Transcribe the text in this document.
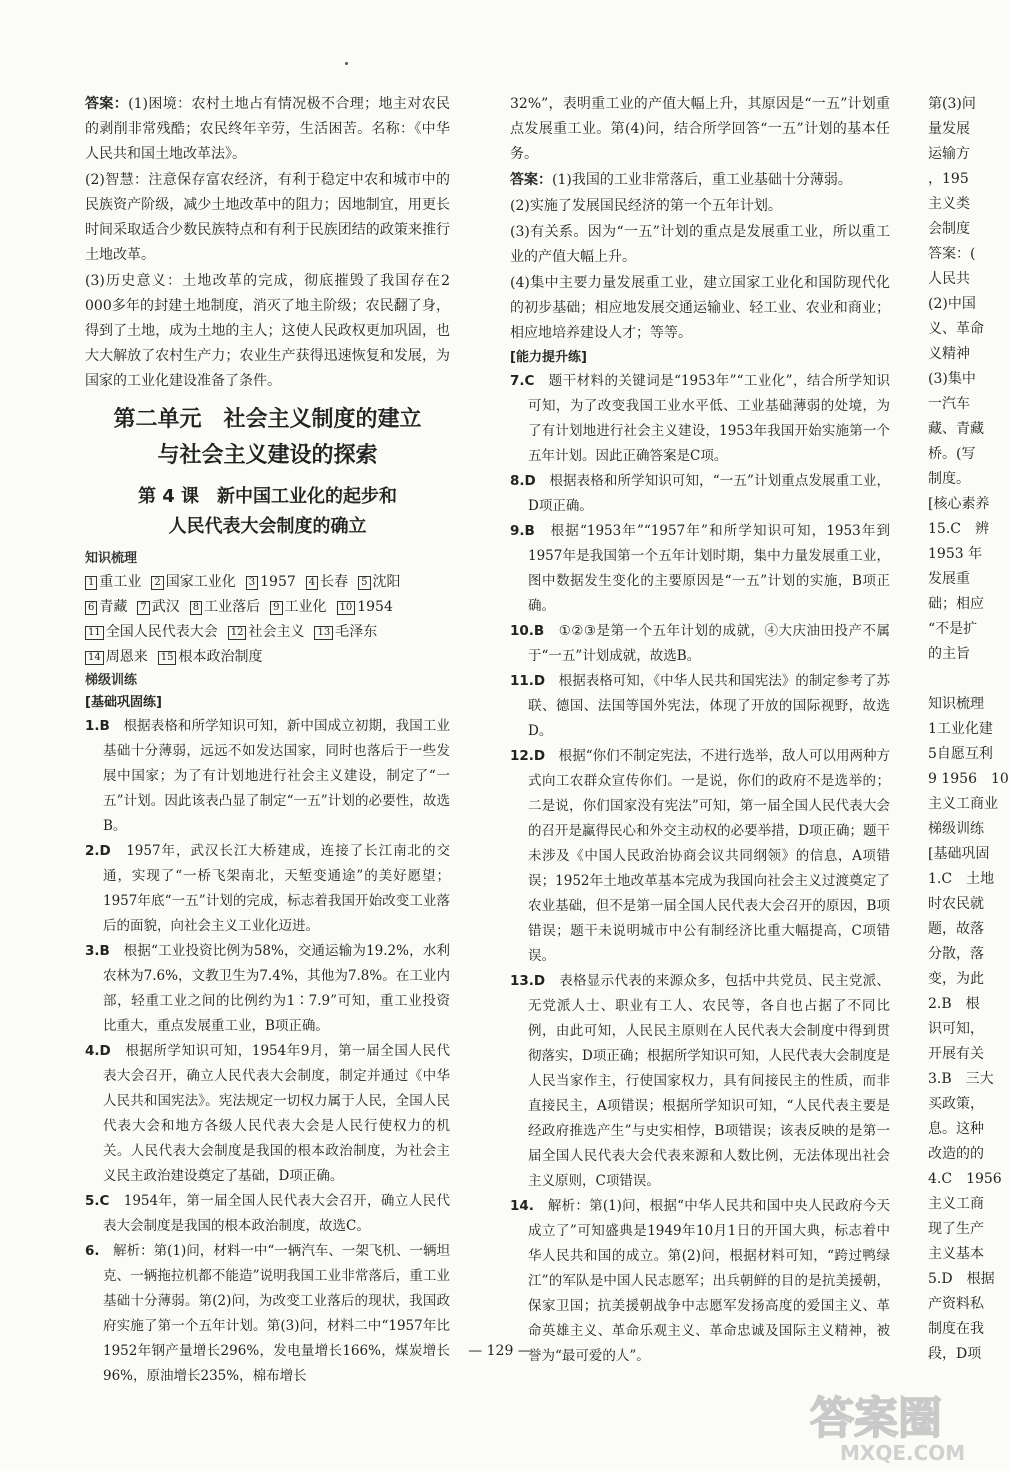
答案：(1)困境：农村土地占有情况极不合理；地主对农民的剥削非常残酷；农民终年辛劳，生活困苦。名称：《中华人民共和国土地改革法》。

(2)智慧：注意保存富农经济，有利于稳定中农和城市中的民族资产阶级，减少土地改革中的阻力；因地制宜，用更长时间采取适合少数民族特点和有利于民族团结的政策来推行土地改革。

(3)历史意义：土地改革的完成，彻底摧毁了我国存在2 000多年的封建土地制度，消灭了地主阶级；农民翻了身，得到了土地，成为土地的主人；这使人民政权更加巩固，也大大解放了农村生产力；农业生产获得迅速恢复和发展，为国家的工业化建设准备了条件。

第二单元　社会主义制度的建立
与社会主义建设的探索
第 4 课　新中国工业化的起步和
人民代表大会制度的确立
知识梳理
1 重工业 2 国家工业化 3 1957 4 长春 5 沈阳
6 青藏 7 武汉 8 工业落后 9 工业化 10 1954
11 全国人民代表大会 12 社会主义 13 毛泽东14 周恩来 15 根本政治制度

梯级训练
[基础巩固练]

1.B　根据表格和所学知识可知，新中国成立初期，我国工业基础十分薄弱，远远不如发达国家，同时也落后于一些发展中国家；为了有计划地进行社会主义建设，制定了“一五”计划。因此该表凸显了制定“一五”计划的必要性，故选B。

2.D　1957年，武汉长江大桥建成，连接了长江南北的交通，实现了“一桥飞架南北，天堑变通途”的美好愿望；1957年底“一五”计划的完成，标志着我国开始改变工业落后的面貌，向社会主义工业化迈进。

3.B　根据“工业投资比例为58%，交通运输为19.2%，水利农林为7.6%，文教卫生为7.4%，其他为7.8%。在工业内部，轻重工业之间的比例约为1∶7.9”可知，重工业投资比重大，重点发展重工业，B项正确。

4.D　根据所学知识可知，1954年9月，第一届全国人民代表大会召开，确立人民代表大会制度，制定并通过《中华人民共和国宪法》。宪法规定一切权力属于人民，全国人民代表大会和地方各级人民代表大会是人民行使权力的机关。人民代表大会制度是我国的根本政治制度，为社会主义民主政治建设奠定了基础，D项正确。

5.C　1954年，第一届全国人民代表大会召开，确立人民代表大会制度是我国的根本政治制度，故选C。

6.　解析：第(1)问，材料一中“一辆汽车、一架飞机、一辆坦克、一辆拖拉机都不能造”说明我国工业非常落后，重工业基础十分薄弱。第(2)问，为改变工业落后的现状，我国政府实施了第一个五年计划。第(3)问，材料二中“1957年比1952年钢产量增长296%，发电量增长166%，煤炭增长96%，原油增长235%，棉布增长

32%”，表明重工业的产值大幅上升，其原因是“一五”计划重点发展重工业。第(4)问，结合所学回答“一五”计划的基本任务。

答案：(1)我国的工业非常落后，重工业基础十分薄弱。

(2)实施了发展国民经济的第一个五年计划。

(3)有关系。因为“一五”计划的重点是发展重工业，所以重工业的产值大幅上升。

(4)集中主要力量发展重工业，建立国家工业化和国防现代化的初步基础；相应地发展交通运输业、轻工业、农业和商业；相应地培养建设人才；等等。

[能力提升练]

7.C　题干材料的关键词是“1953年”“工业化”，结合所学知识可知，为了改变我国工业水平低、工业基础薄弱的处境，为了有计划地进行社会主义建设，1953年我国开始实施第一个五年计划。因此正确答案是C项。

8.D　根据表格和所学知识可知，“一五”计划重点发展重工业，D项正确。

9.B　根据“1953年”“1957年”和所学知识可知，1953年到1957年是我国第一个五年计划时期，集中力量发展重工业，图中数据发生变化的主要原因是“一五”计划的实施，B项正确。

10.B　①②③是第一个五年计划的成就，④大庆油田投产不属于“一五”计划成就，故选B。

11.D　根据表格可知，《中华人民共和国宪法》的制定参考了苏联、德国、法国等国外宪法，体现了开放的国际视野，故选D。

12.D　根据“你们不制定宪法，不进行选举，敌人可以用两种方式向工农群众宣传你们。一是说，你们的政府不是选举的；二是说，你们国家没有宪法”可知，第一届全国人民代表大会的召开是赢得民心和外交主动权的必要举措，D项正确；题干未涉及《中国人民政治协商会议共同纲领》的信息，A项错误；1952年土地改革基本完成为我国向社会主义过渡奠定了农业基础，但不是第一届全国人民代表大会召开的原因，B项错误；题干未说明城市中公有制经济比重大幅提高，C项错误。

13.D　表格显示代表的来源众多，包括中共党员、民主党派、无党派人士、职业有工人、农民等，各自也占据了不同比例，由此可知，人民民主原则在人民代表大会制度中得到贯彻落实，D项正确；根据所学知识可知，人民代表大会制度是人民当家作主，行使国家权力，具有间接民主的性质，而非直接民主，A项错误；根据所学知识可知，“人民代表主要是经政府推选产生”与史实相悖，B项错误；该表反映的是第一届全国人民代表大会代表来源和人数比例，无法体现出社会主义原则，C项错误。

14.　解析：第(1)问，根据“中华人民共和国中央人民政府今天成立了”可知盛典是1949年10月1日的开国大典，标志着中华人民共和国的成立。第(2)问，根据材料可知，“跨过鸭绿江”的军队是中国人民志愿军；出兵朝鲜的目的是抗美援朝，保家卫国；抗美援朝战争中志愿军发扬高度的爱国主义、革命英雄主义、革命乐观主义、革命忠诚及国际主义精神，被誉为“最可爱的人”。

第(3)问
量发展
运输方
，195
主义类
会制度
答案：(
人民共
(2)中国
义、革命
义精神
(3)集中
一汽车
藏、青藏
桥。(写
制度。
[核心素养
15.C　辨
1953 年
发展重
础；相应
“不是扩
的主旨

知识梳理
1工业化建
5自愿互利
9 1956　10
主义工商业
梯级训练
[基础巩固
1.C　土地
时农民就
题，故落
分散，落
变，为此
2.B　根
识可知，
开展有关
3.B　三大
买政策，
息。这种
改造的的
4.C　1956
主义工商
现了生产
主义基本
5.D　根据
产资料私
制度在我
段，D项
— 129 —
答案圈
MXQE.COM
